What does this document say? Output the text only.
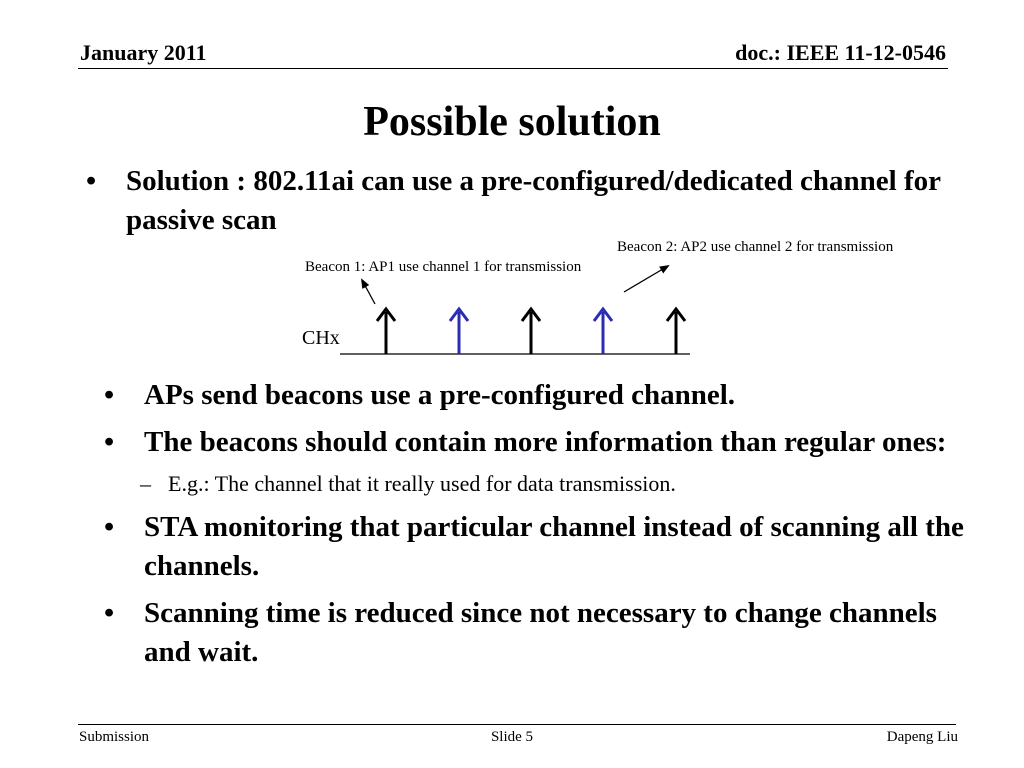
January 2011	doc.: IEEE 11-12-0546
Possible solution
•	Solution : 802.11ai can use a pre-configured/dedicated channel for passive scan
Beacon 1: AP1 use channel 1 for transmission
Beacon 2: AP2 use channel 2 for transmission
CHx
•	APs send beacons use a pre-configured channel.
•	The beacons should contain more information than regular ones:
– E.g.: The channel that it really used for data transmission.
•	STA monitoring that particular channel instead of scanning all the channels.
•	Scanning time is reduced since not necessary to change channels and wait.
Submission	Slide 5	Dapeng Liu
